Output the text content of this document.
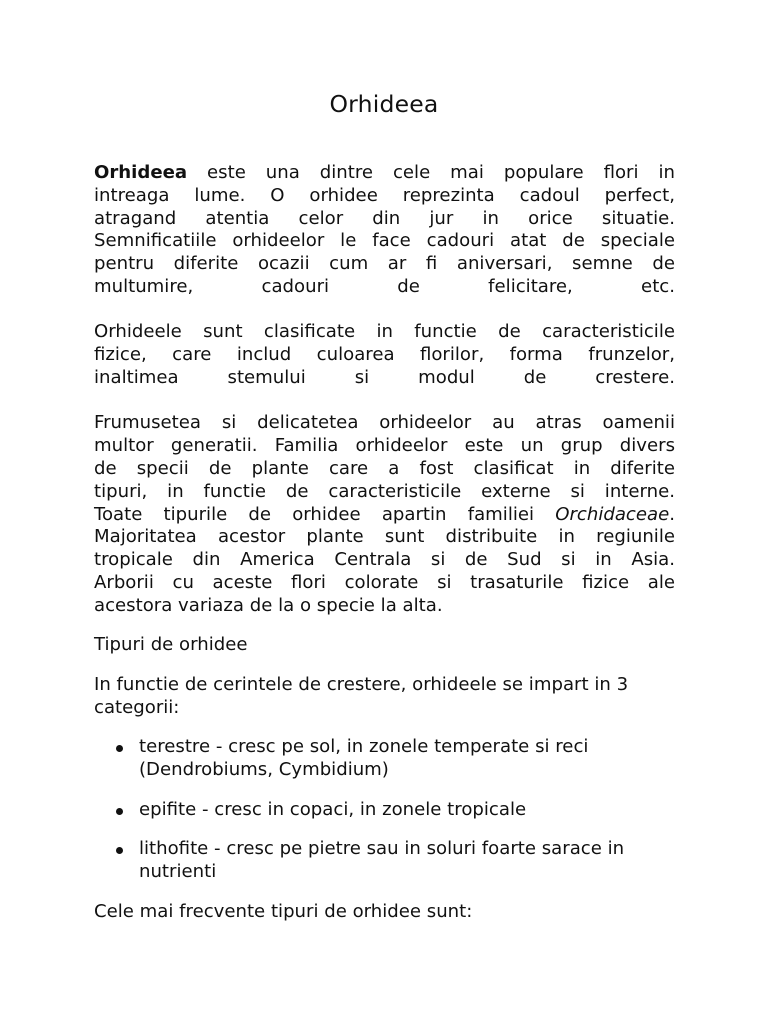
Orhideea

Orhideea este una dintre cele mai populare flori in

intreaga lume. O orhidee reprezinta cadoul perfect,

atragand atentia celor din jur in orice situatie.

Semnificatiile orhideelor le face cadouri atat de speciale

pentru diferite ocazii cum ar fi aniversari, semne de

multumire, cadouri de felicitare, etc.

Orhideele sunt clasificate in functie de caracteristicile

fizice, care includ culoarea florilor, forma frunzelor,

inaltimea stemului si modul de crestere.

Frumusetea si delicatetea orhideelor au atras oamenii

multor generatii. Familia orhideelor este un grup divers

de specii de plante care a fost clasificat in diferite

tipuri, in functie de caracteristicile externe si interne.

Toate tipurile de orhidee apartin familiei Orchidaceae.

Majoritatea acestor plante sunt distribuite in regiunile

tropicale din America Centrala si de Sud si in Asia.

Arborii cu aceste flori colorate si trasaturile fizice ale

acestora variaza de la o specie la alta.

Tipuri de orhidee

In functie de cerintele de crestere, orhideele se impart in 3 categorii:

terestre - cresc pe sol, in zonele temperate si reci (Dendrobiums, Cymbidium)
epifite - cresc in copaci, in zonele tropicale
lithofite - cresc pe pietre sau in soluri foarte sarace in nutrienti

Cele mai frecvente tipuri de orhidee sunt:
